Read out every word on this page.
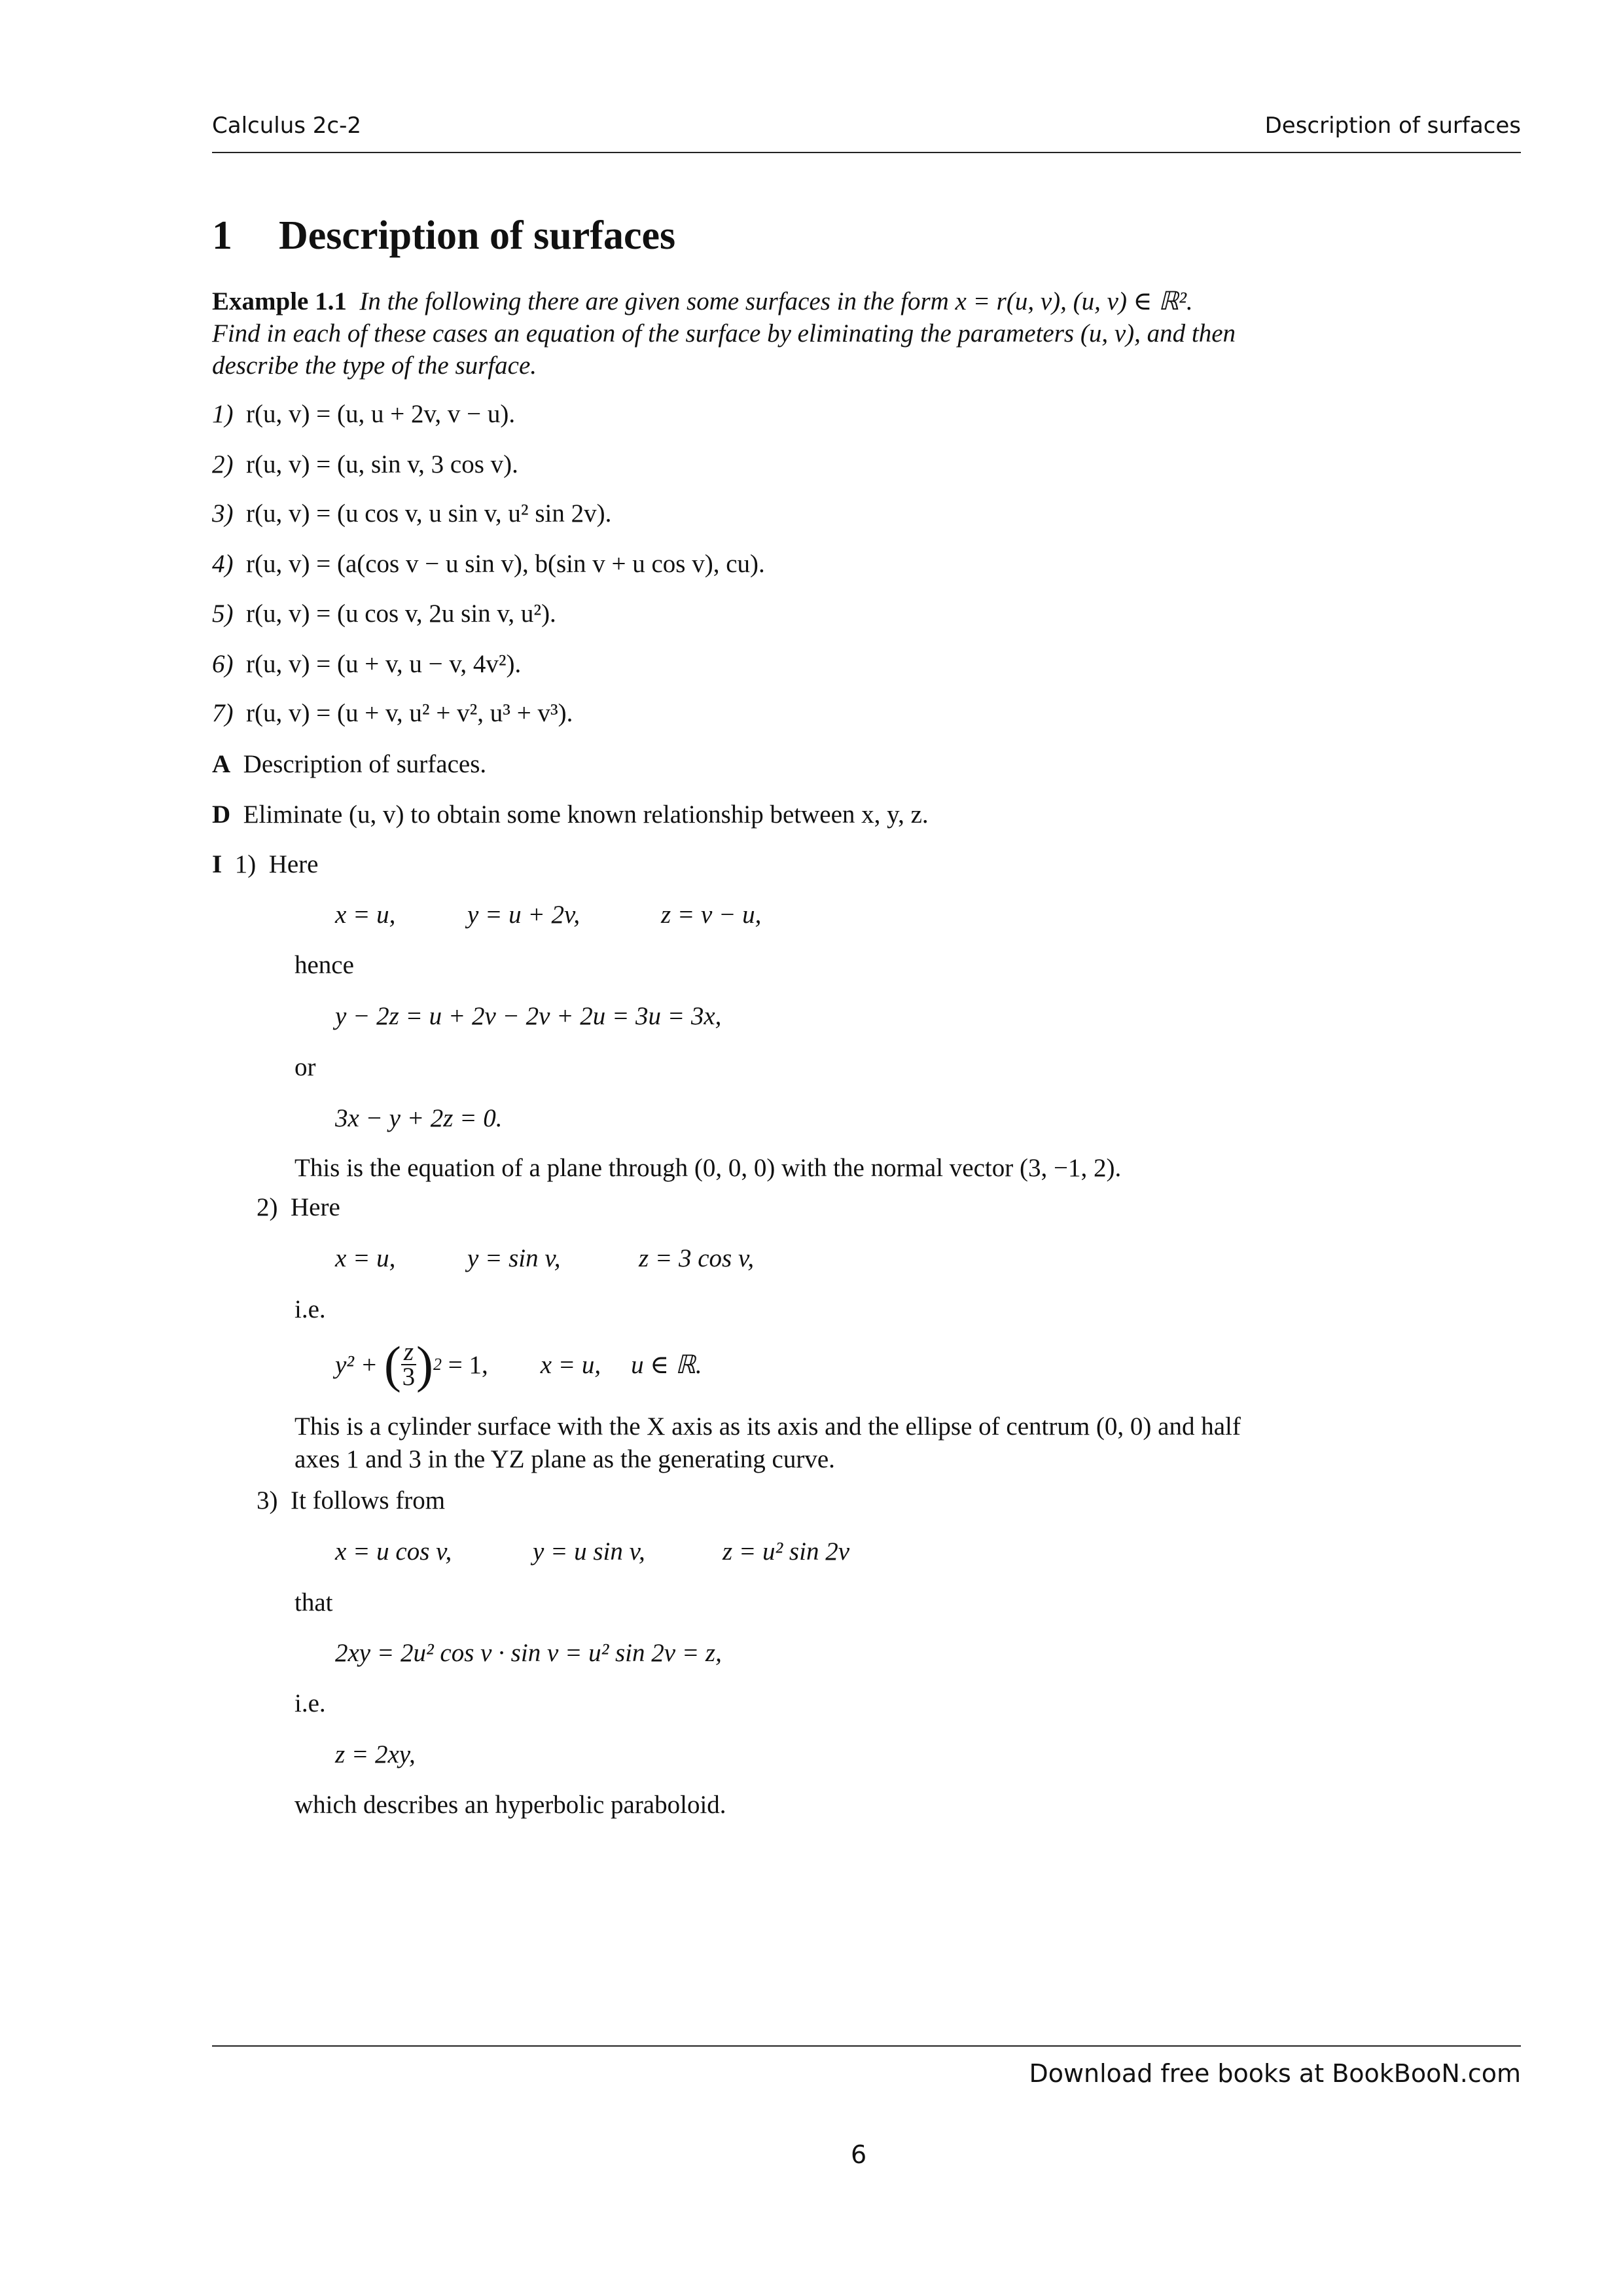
Calculus 2c-2	Description of surfaces
1 Description of surfaces
Example 1.1 In the following there are given some surfaces in the form x = r(u, v), (u, v) ∈ ℝ².
Find in each of these cases an equation of the surface by eliminating the parameters (u, v), and then
describe the type of the surface.
1) r(u, v) = (u, u + 2v, v − u).
2) r(u, v) = (u, sin v, 3 cos v).
3) r(u, v) = (u cos v, u sin v, u² sin 2v).
4) r(u, v) = (a(cos v − u sin v), b(sin v + u cos v), cu).
5) r(u, v) = (u cos v, 2u sin v, u²).
6) r(u, v) = (u + v, u − v, 4v²).
7) r(u, v) = (u + v, u² + v², u³ + v³).
A Description of surfaces.
D Eliminate (u, v) to obtain some known relationship between x, y, z.
I 1) Here
x = u,	y = u + 2v,	z = v − u,
hence
y − 2z = u + 2v − 2v + 2u = 3u = 3x,
or
3x − y + 2z = 0.
This is the equation of a plane through (0, 0, 0) with the normal vector (3, −1, 2).
2) Here
x = u,	y = sin v,	z = 3 cos v,
i.e.
y² +
( $\frac{z}{3}$ ) 2
= 1, x = u, u ∈ ℝ.
This is a cylinder surface with the X axis as its axis and the ellipse of centrum (0, 0) and half
axes 1 and 3 in the YZ plane as the generating curve.
3) It follows from
x = u cos v,	y = u sin v,	z = u² sin 2v
that
2xy = 2u² cos v · sin v = u² sin 2v = z,
i.e.
z = 2xy,
which describes an hyperbolic paraboloid.
Download free books at BookBooN.com
6
